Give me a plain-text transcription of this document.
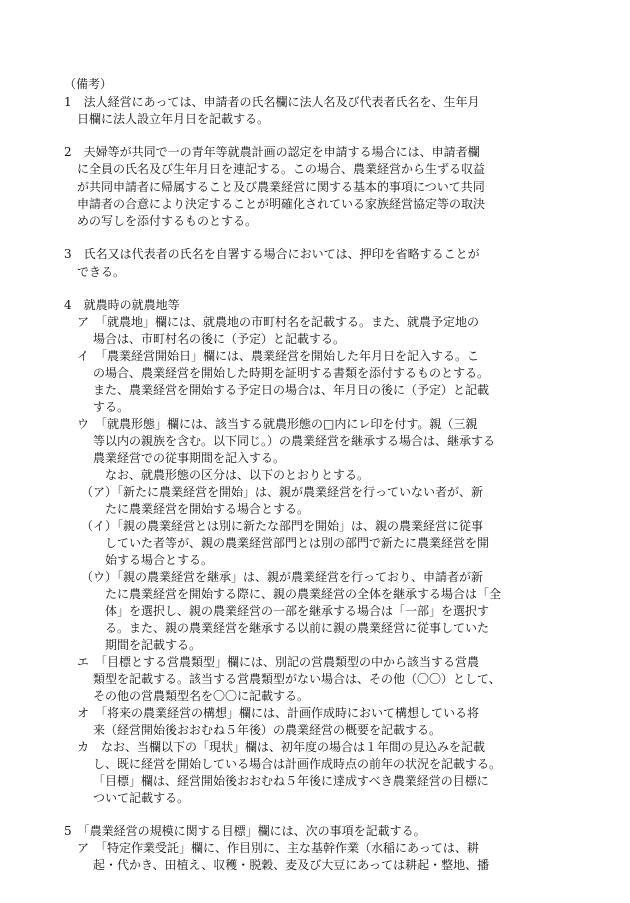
（備考）
1　法人経営にあっては、申請者の氏名欄に法人名及び代表者氏名を、生年月
日欄に法人設立年月日を記載する。
2　夫婦等が共同で一の青年等就農計画の認定を申請する場合には、申請者欄
に全員の氏名及び生年月日を連記する。この場合、農業経営から生ずる収益
が共同申請者に帰属すること及び農業経営に関する基本的事項について共同
申請者の合意により決定することが明確化されている家族経営協定等の取決
めの写しを添付するものとする。
3　氏名又は代表者の氏名を自署する場合においては、押印を省略することが
できる。
4　就農時の就農地等
ア　「就農地」欄には、就農地の市町村名を記載する。また、就農予定地の
場合は、市町村名の後に（予定）と記載する。
イ　「農業経営開始日」欄には、農業経営を開始した年月日を記入する。こ
の場合、農業経営を開始した時期を証明する書類を添付するものとする。
また、農業経営を開始する予定日の場合は、年月日の後に（予定）と記載
する。
ウ　「就農形態」欄には、該当する就農形態の□内にレ印を付す。親（三親
等以内の親族を含む。以下同じ。）の農業経営を継承する場合は、継承する
農業経営での従事期間を記入する。
なお、就農形態の区分は、以下のとおりとする。
（ア）「新たに農業経営を開始」は、親が農業経営を行っていない者が、新
たに農業経営を開始する場合とする。
（イ）「親の農業経営とは別に新たな部門を開始」は、親の農業経営に従事
していた者等が、親の農業経営部門とは別の部門で新たに農業経営を開
始する場合とする。
（ウ）「親の農業経営を継承」は、親が農業経営を行っており、申請者が新
たに農業経営を開始する際に、親の農業経営の全体を継承する場合は「全
体」を選択し、親の農業経営の一部を継承する場合は「一部」を選択す
る。また、親の農業経営を継承する以前に親の農業経営に従事していた
期間を記載する。
エ　「目標とする営農類型」欄には、別記の営農類型の中から該当する営農
類型を記載する。該当する営農類型がない場合は、その他（〇〇）として、
その他の営農類型名を〇〇に記載する。
オ　「将来の農業経営の構想」欄には、計画作成時において構想している将
来（経営開始後おおむね５年後）の農業経営の概要を記載する。
カ　なお、当欄以下の「現状」欄は、初年度の場合は１年間の見込みを記載
し、既に経営を開始している場合は計画作成時点の前年の状況を記載する。
「目標」欄は、経営開始後おおむね５年後に達成すべき農業経営の目標に
ついて記載する。
5　「農業経営の規模に関する目標」欄には、次の事項を記載する。
ア　「特定作業受託」欄に、作目別に、主な基幹作業（水稲にあっては、耕
起・代かき、田植え、収穫・脱穀、麦及び大豆にあっては耕起・整地、播
